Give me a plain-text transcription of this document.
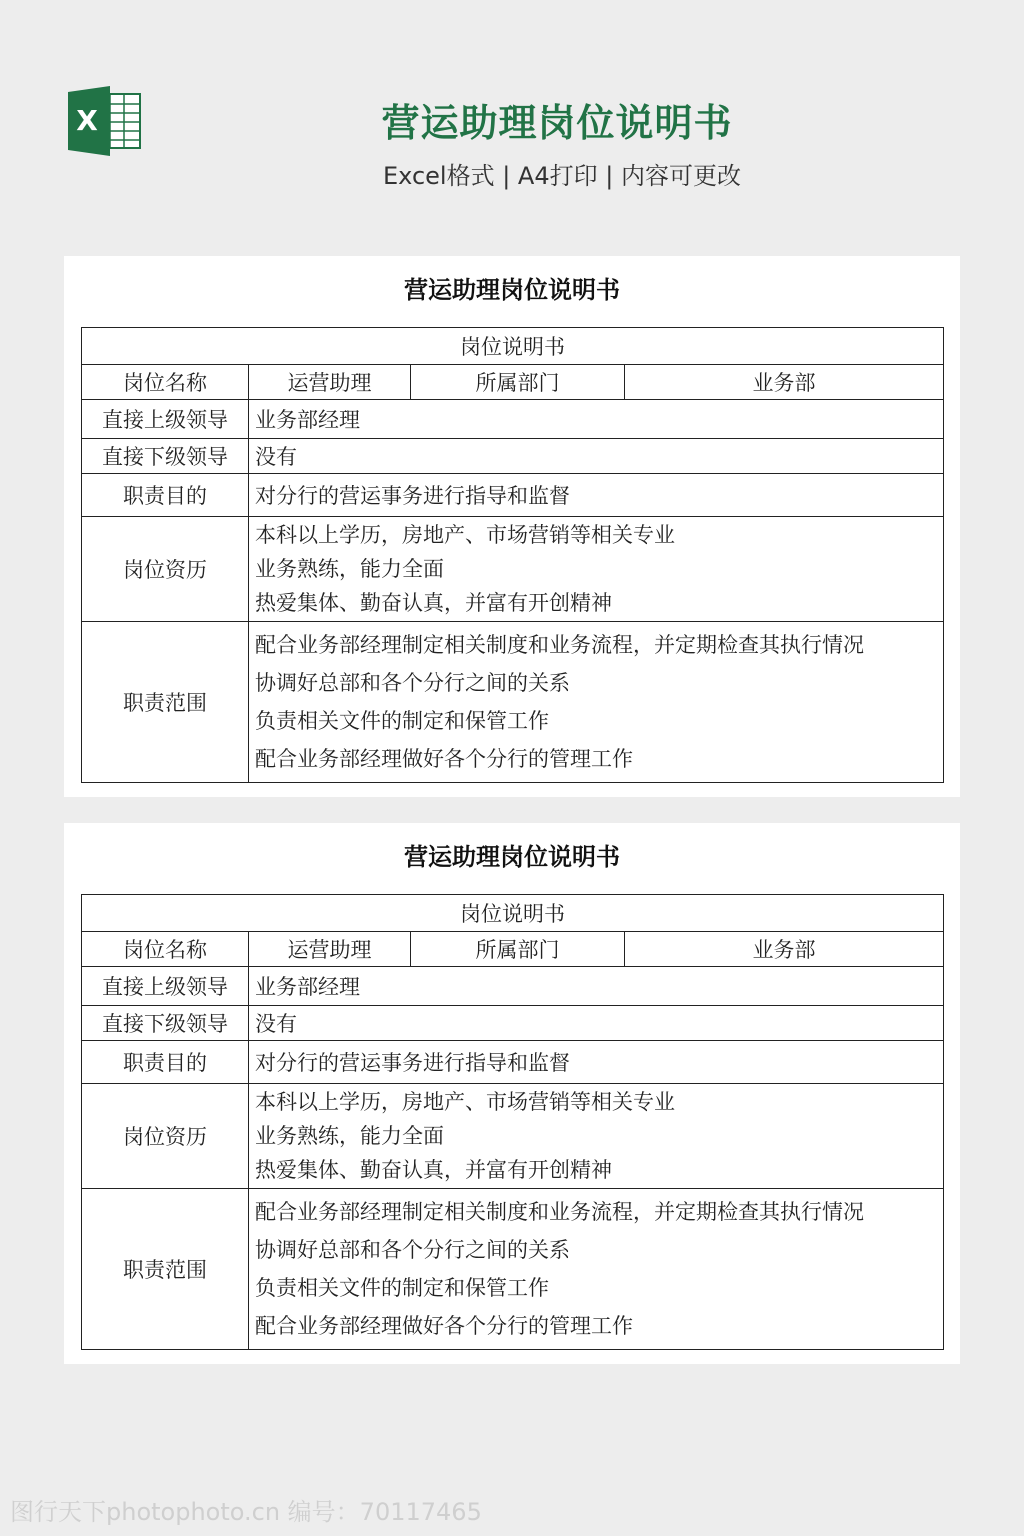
X	营运助理岗位说明书
Excel格式 | A4打印 | 内容可更改
营运助理岗位说明书
岗位说明书			
岗位名称	运营助理	所属部门	业务部
直接上级领导	业务部经理		
直接下级领导	没有		
职责目的	对分行的营运事务进行指导和监督		
岗位资历	本科以上学历，房地产、市场营销等相关专业
业务熟练，能力全面
热爱集体、勤奋认真，并富有开创精神		

职责范围	配合业务部经理制定相关制度和业务流程，并定期检查其执行情况
协调好总部和各个分行之间的关系
负责相关文件的制定和保管工作
配合业务部经理做好各个分行的管理工作		
营运助理岗位说明书
岗位说明书			
岗位名称	运营助理	所属部门	业务部
直接上级领导	业务部经理		
直接下级领导	没有		
职责目的	对分行的营运事务进行指导和监督		
岗位资历	本科以上学历，房地产、市场营销等相关专业
业务熟练，能力全面
热爱集体、勤奋认真，并富有开创精神		

职责范围	配合业务部经理制定相关制度和业务流程，并定期检查其执行情况
协调好总部和各个分行之间的关系
负责相关文件的制定和保管工作
配合业务部经理做好各个分行的管理工作		
图行天下photophoto.cn 编号：70117465
